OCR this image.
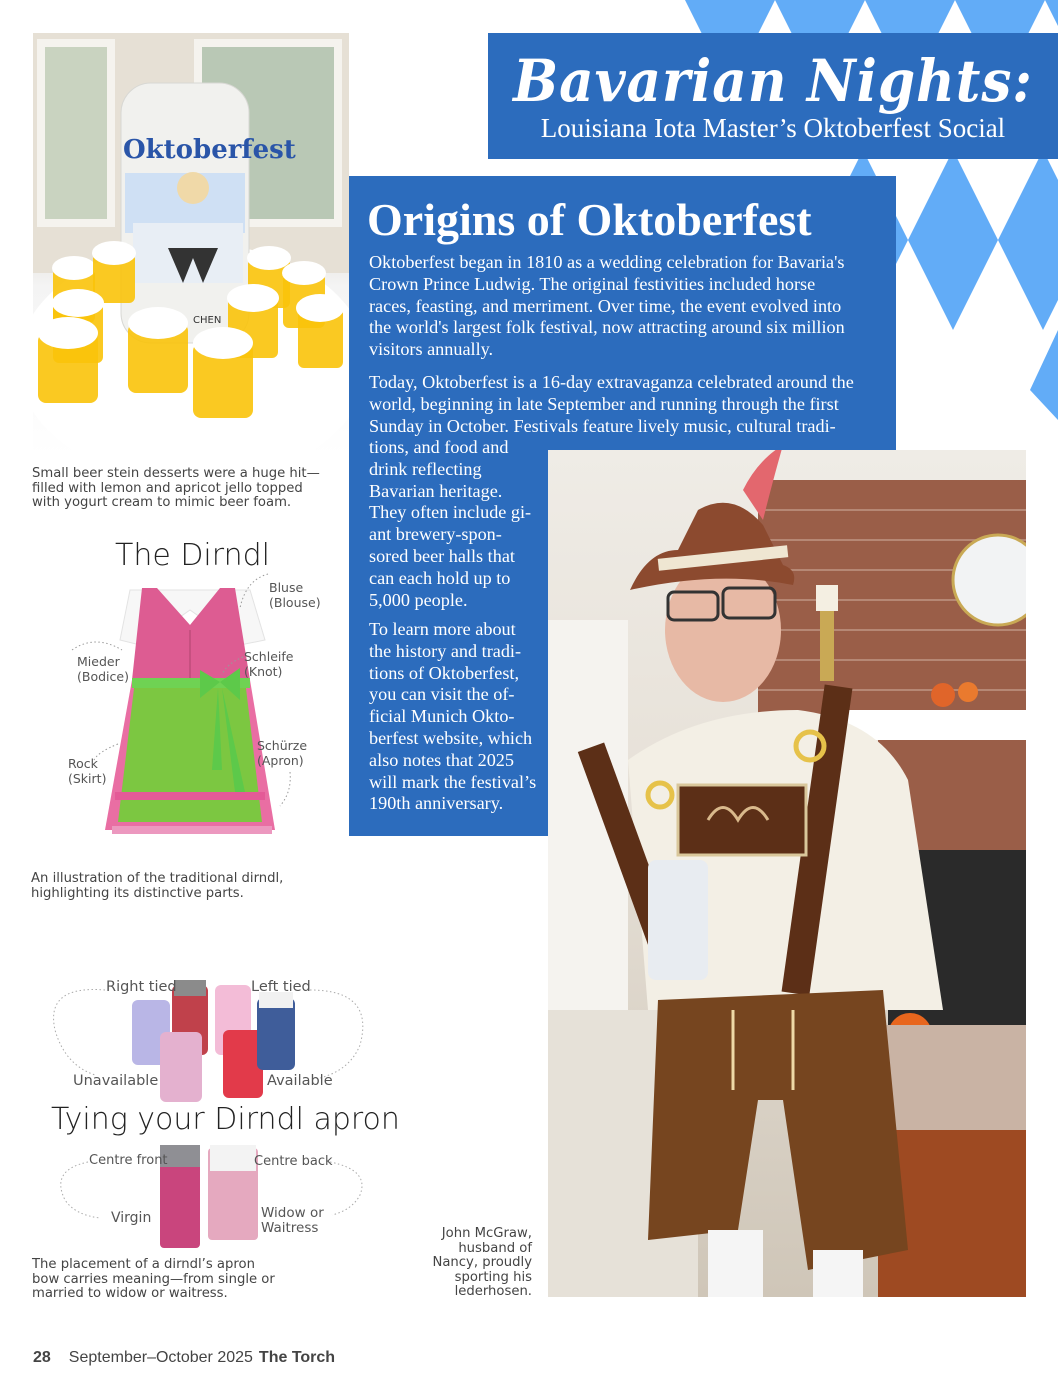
Bavarian Nights:
Louisiana Iota Master’s Oktoberfest Social
Oktoberfest
CHEN
Small beer stein desserts were a huge hit—
filled with lemon and apricot jello topped
with yogurt cream to mimic beer foam.
Origins of Oktoberfest
Oktoberfest began in 1810 as a wedding celebration for Bavaria's
Crown Prince Ludwig. The original festivities included horse
races, feasting, and merriment. Over time, the event evolved into
the world's largest folk festival, now attracting around six million
visitors annually.
Today, Oktoberfest is a 16-day extravaganza celebrated around the
world, beginning in late September and running through the first
Sunday in October. Festivals feature lively music, cultural tradi-
tions, and food and
drink reflecting
Bavarian heritage.
They often include gi-
ant brewery-spon-
sored beer halls that
can each hold up to
5,000 people.
To learn more about
the history and tradi-
tions of Oktoberfest,
you can visit the of-
ficial Munich Okto-
berfest website, which
also notes that 2025
will mark the festival’s
190th anniversary.
John McGraw,
husband of
Nancy, proudly
sporting his
lederhosen.
The Dirndl
Bluse
(Blouse)
Mieder
(Bodice)
Schleife
(Knot)
Rock
(Skirt)
Schürze
(Apron)
An illustration of the traditional dirndl,
highlighting its distinctive parts.
Right tied	Left tied
Unavailable	Available
Tying your Dirndl apron
Centre front	Centre back
Virgin	Widow or
Waitress
The placement of a dirndl’s apron
bow carries meaning—from single or
married to widow or waitress.
28 September–October 2025 The Torch
